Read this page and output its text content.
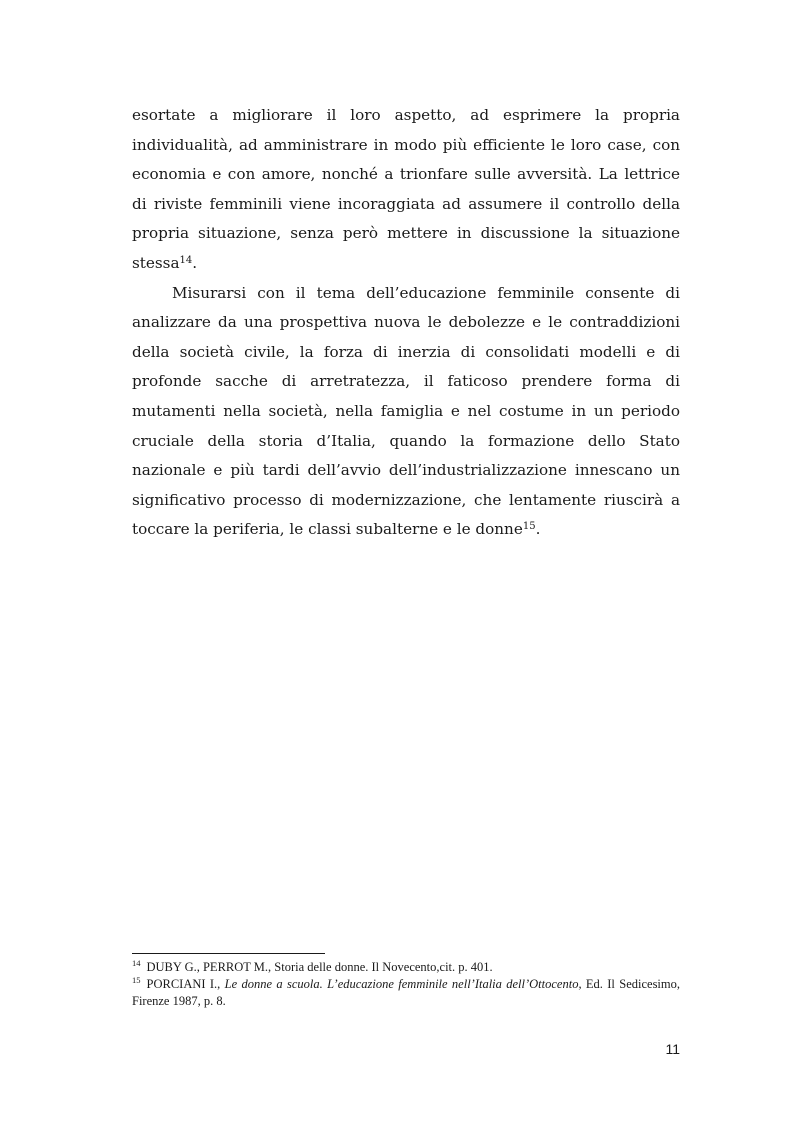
esortate a migliorare il loro aspetto, ad esprimere la propria individualità, ad amministrare in modo più efficiente le loro case, con economia e con amore, nonché a trionfare sulle avversità. La lettrice di riviste femminili viene incoraggiata ad assumere il controllo della propria situazione, senza però mettere in discussione la situazione stessa$^{14}$.

Misurarsi con il tema dell’educazione femminile consente di analizzare da una prospettiva nuova le debolezze e le contraddizioni della società civile, la forza di inerzia di consolidati modelli e di profonde sacche di arretratezza, il faticoso prendere forma di mutamenti nella società, nella famiglia e nel costume in un periodo cruciale della storia d’Italia, quando la formazione dello Stato nazionale e più tardi dell’avvio dell’industrializzazione innescano un significativo processo di modernizzazione, che lentamente riuscirà a toccare la periferia, le classi subalterne e le donne$^{15}$.

$^{14}$ DUBY G., PERROT M., Storia delle donne. Il Novecento,cit. p. 401.

$^{15}$ PORCIANI I., Le donne a scuola. L’educazione femminile nell’Italia dell’Ottocento, Ed. Il Sedicesimo, Firenze 1987, p. 8.

11
